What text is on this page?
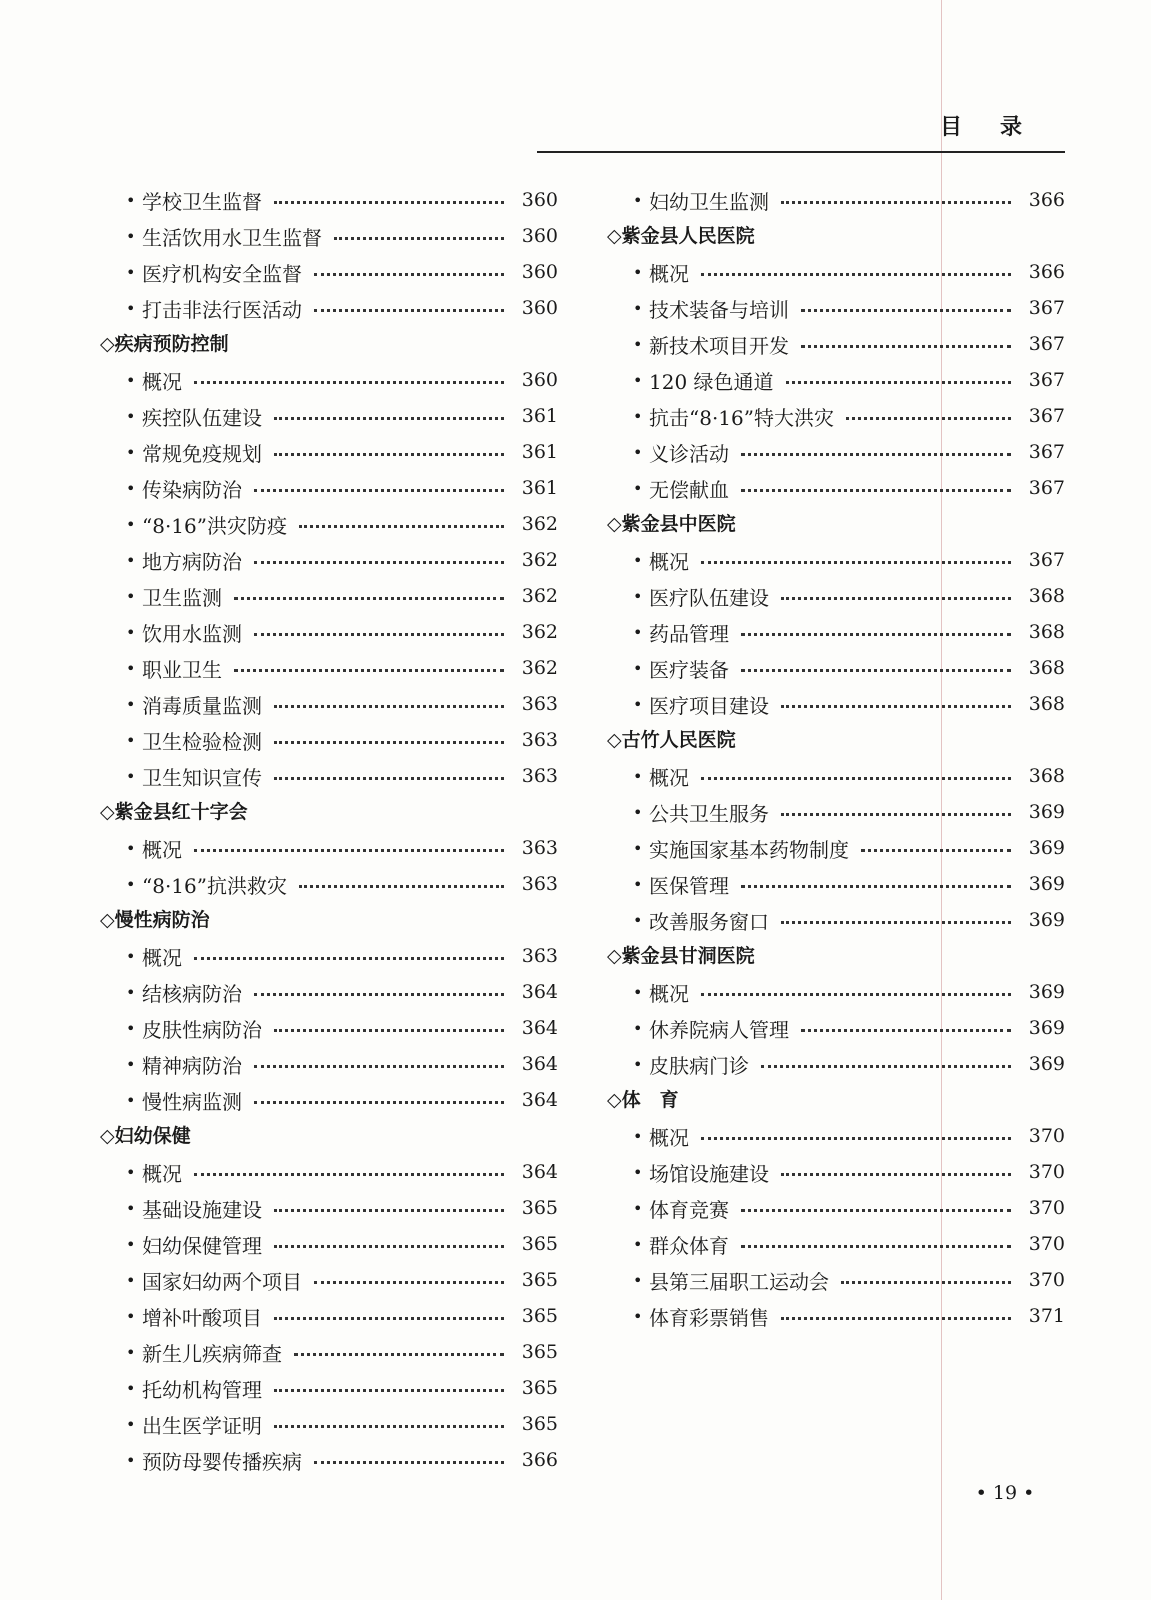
目录
• 学校卫生监督	360
• 生活饮用水卫生监督	360
• 医疗机构安全监督	360
• 打击非法行医活动	360
◇疾病预防控制
• 概况	360
• 疾控队伍建设	361
• 常规免疫规划	361
• 传染病防治	361
• “8·16”洪灾防疫	362
• 地方病防治	362
• 卫生监测	362
• 饮用水监测	362
• 职业卫生	362
• 消毒质量监测	363
• 卫生检验检测	363
• 卫生知识宣传	363
◇紫金县红十字会
• 概况	363
• “8·16”抗洪救灾	363
◇慢性病防治
• 概况	363
• 结核病防治	364
• 皮肤性病防治	364
• 精神病防治	364
• 慢性病监测	364
◇妇幼保健
• 概况	364
• 基础设施建设	365
• 妇幼保健管理	365
• 国家妇幼两个项目	365
• 增补叶酸项目	365
• 新生儿疾病筛查	365
• 托幼机构管理	365
• 出生医学证明	365
• 预防母婴传播疾病	366
• 妇幼卫生监测	366
◇紫金县人民医院
• 概况	366
• 技术装备与培训	367
• 新技术项目开发	367
• 120 绿色通道	367
• 抗击“8·16”特大洪灾	367
• 义诊活动	367
• 无偿献血	367
◇紫金县中医院
• 概况	367
• 医疗队伍建设	368
• 药品管理	368
• 医疗装备	368
• 医疗项目建设	368
◇古竹人民医院
• 概况	368
• 公共卫生服务	369
• 实施国家基本药物制度	369
• 医保管理	369
• 改善服务窗口	369
◇紫金县甘洞医院
• 概况	369
• 休养院病人管理	369
• 皮肤病门诊	369
◇体　育
• 概况	370
• 场馆设施建设	370
• 体育竞赛	370
• 群众体育	370
• 县第三届职工运动会	370
• 体育彩票销售	371
• 19 •
